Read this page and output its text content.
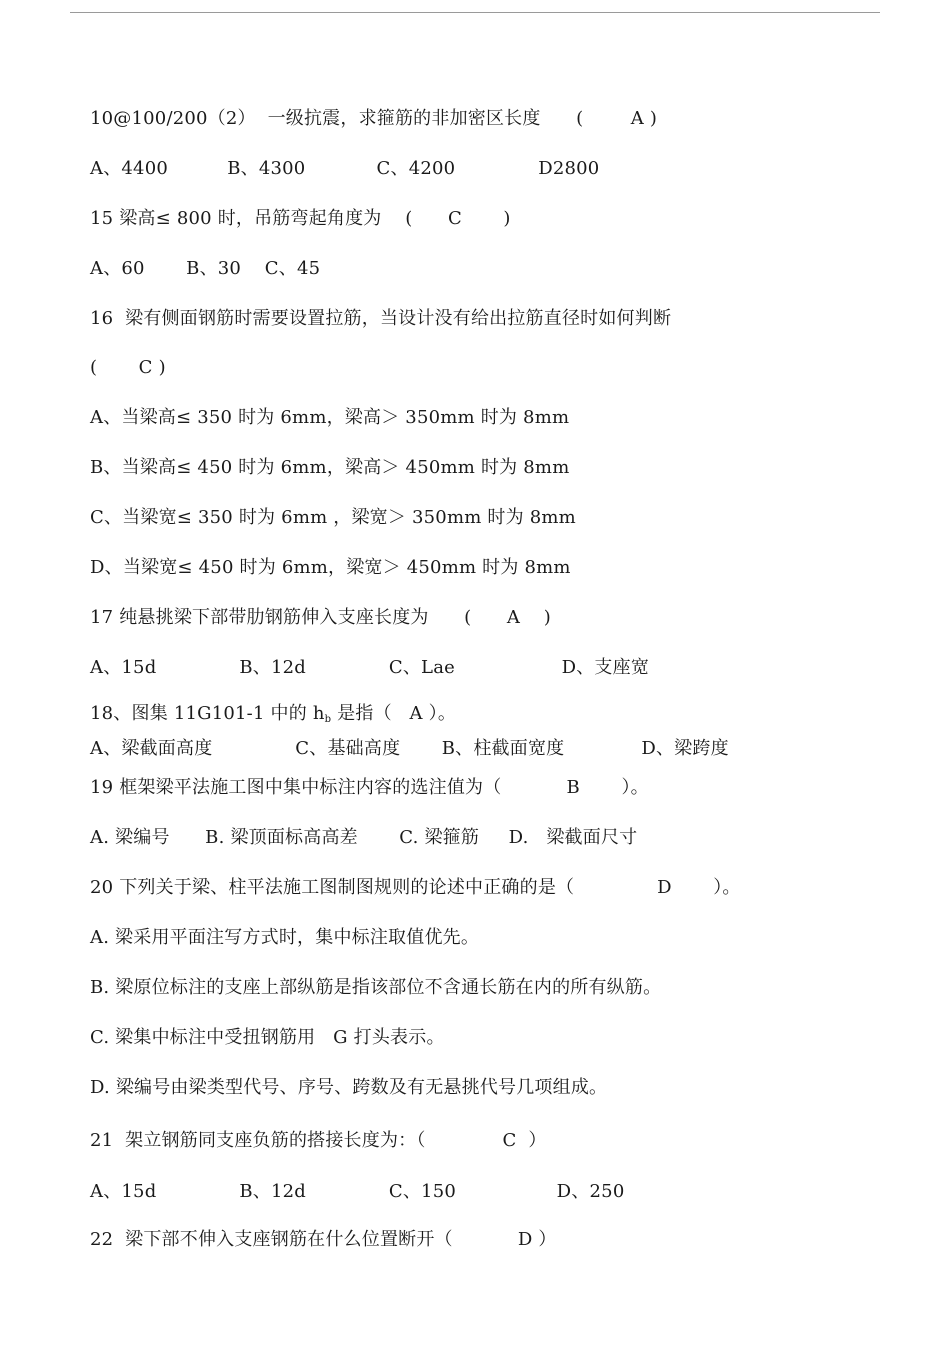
10@100/200（2）  一级抗震，求箍筋的非加密区长度      (        A )
A、4400          B、4300            C、4200              D2800
15 梁高≤ 800 时，吊筋弯起角度为    (      C       )
A、60       B、30    C、45
16  梁有侧面钢筋时需要设置拉筋，当设计没有给出拉筋直径时如何判断
(       C )
A、当梁高≤ 350 时为 6mm，梁高＞ 350mm 时为 8mm
B、当梁高≤ 450 时为 6mm，梁高＞ 450mm 时为 8mm
C、当梁宽≤ 350 时为 6mm ，梁宽＞ 350mm 时为 8mm
D、当梁宽≤ 450 时为 6mm，梁宽＞ 450mm 时为 8mm
17 纯悬挑梁下部带肋钢筋伸入支座长度为      (      A    )
A、15d              B、12d              C、Lae                  D、支座宽
18、图集 11G101-1 中的 $h_b$ 是指（   A ）。
A、梁截面高度              C、基础高度       B、柱截面宽度             D、梁跨度
19 框架梁平法施工图中集中标注内容的选注值为（           B       ）。
A. 梁编号      B. 梁顶面标高高差       C. 梁箍筋     D.   梁截面尺寸
20 下列关于梁、柱平法施工图制图规则的论述中正确的是（              D       ）。
A. 梁采用平面注写方式时，集中标注取值优先。
B. 梁原位标注的支座上部纵筋是指该部位不含通长筋在内的所有纵筋。
C. 梁集中标注中受扭钢筋用   G 打头表示。
D. 梁编号由梁类型代号、序号、跨数及有无悬挑代号几项组成。
21  架立钢筋同支座负筋的搭接长度为：（             C  ）
A、15d              B、12d              C、150                 D、250
22  梁下部不伸入支座钢筋在什么位置断开（           D ）
